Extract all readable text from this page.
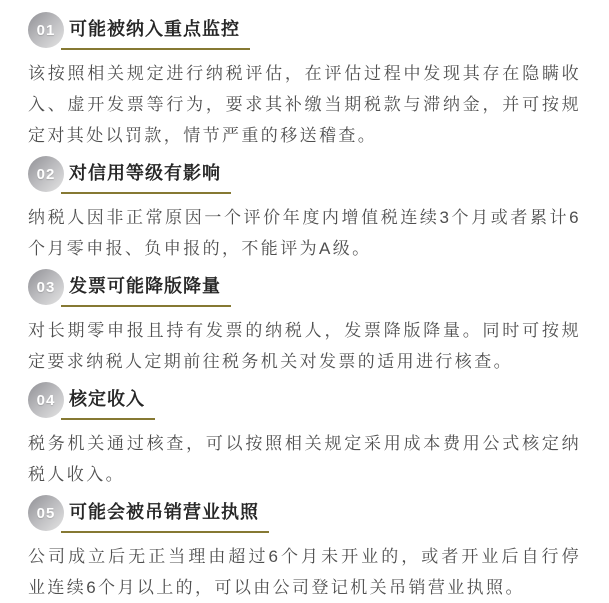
01 可能被纳入重点监控

该按照相关规定进行纳税评估，在评估过程中发现其存在隐瞒收入、虚开发票等行为，要求其补缴当期税款与滞纳金，并可按规定对其处以罚款，情节严重的移送稽查。

02 对信用等级有影响

纳税人因非正常原因一个评价年度内增值税连续3个月或者累计6个月零申报、负申报的，不能评为A级。

03 发票可能降版降量

对长期零申报且持有发票的纳税人，发票降版降量。同时可按规定要求纳税人定期前往税务机关对发票的适用进行核查。

04 核定收入

税务机关通过核查，可以按照相关规定采用成本费用公式核定纳税人收入。

05 可能会被吊销营业执照

公司成立后无正当理由超过6个月未开业的，或者开业后自行停业连续6个月以上的，可以由公司登记机关吊销营业执照。
